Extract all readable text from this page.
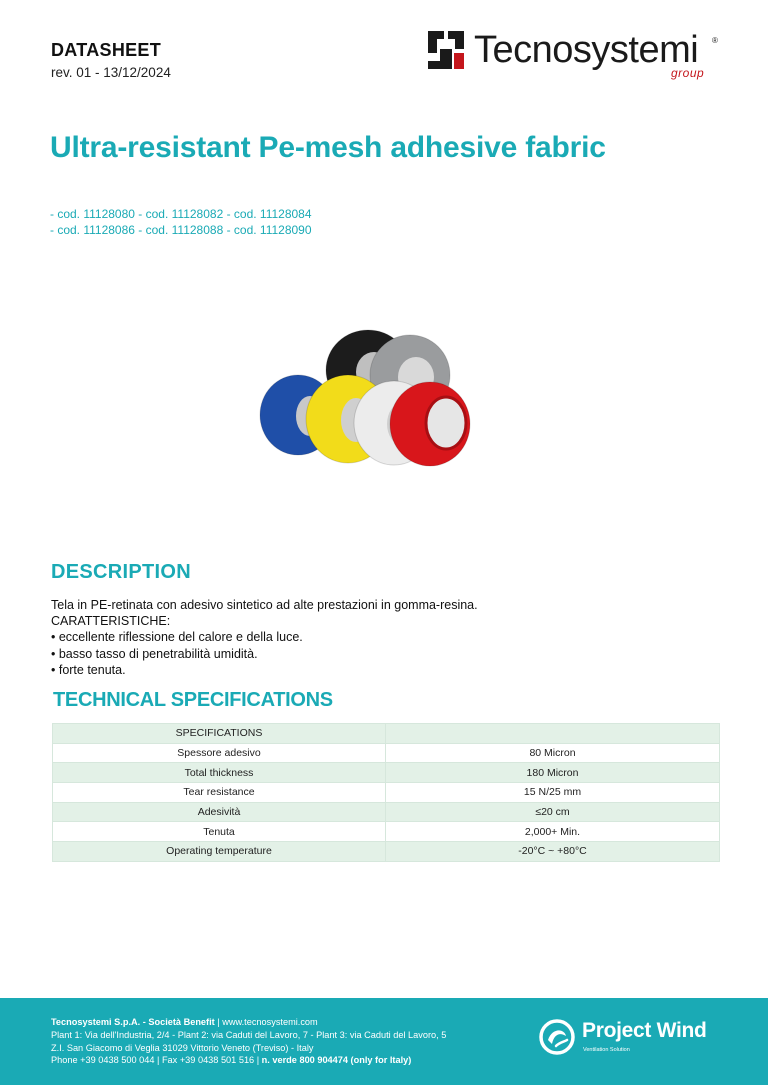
DATASHEET
rev. 01 - 13/12/2024
Tecnosystemi ®
group
Ultra-resistant Pe-mesh adhesive fabric
- cod. 11128080 - cod. 11128082 - cod. 11128084
- cod. 11128086 - cod. 11128088 - cod. 11128090
DESCRIPTION
Tela in PE-retinata con adesivo sintetico ad alte prestazioni in gomma-resina.
CARATTERISTICHE:
• eccellente riflessione del calore e della luce.
• basso tasso di penetrabilità umidità.
• forte tenuta.
TECHNICAL SPECIFICATIONS
SPECIFICATIONS	
Spessore adesivo	80 Micron
Total thickness	180 Micron
Tear resistance	15 N/25 mm
Adesività	≤20 cm
Tenuta	2,000+ Min.
Operating temperature	-20°C ~ +80°C
Tecnosystemi S.p.A. - Società Benefit | www.tecnosystemi.com
Plant 1: Via dell'Industria, 2/4 - Plant 2: via Caduti del Lavoro, 7 - Plant 3: via Caduti del Lavoro, 5
Z.I. San Giacomo di Veglia 31029 Vittorio Veneto (Treviso) - Italy
Phone +39 0438 500 044 | Fax +39 0438 501 516 | n. verde 800 904474 (only for Italy)
Project Wind
Ventilation Solution
